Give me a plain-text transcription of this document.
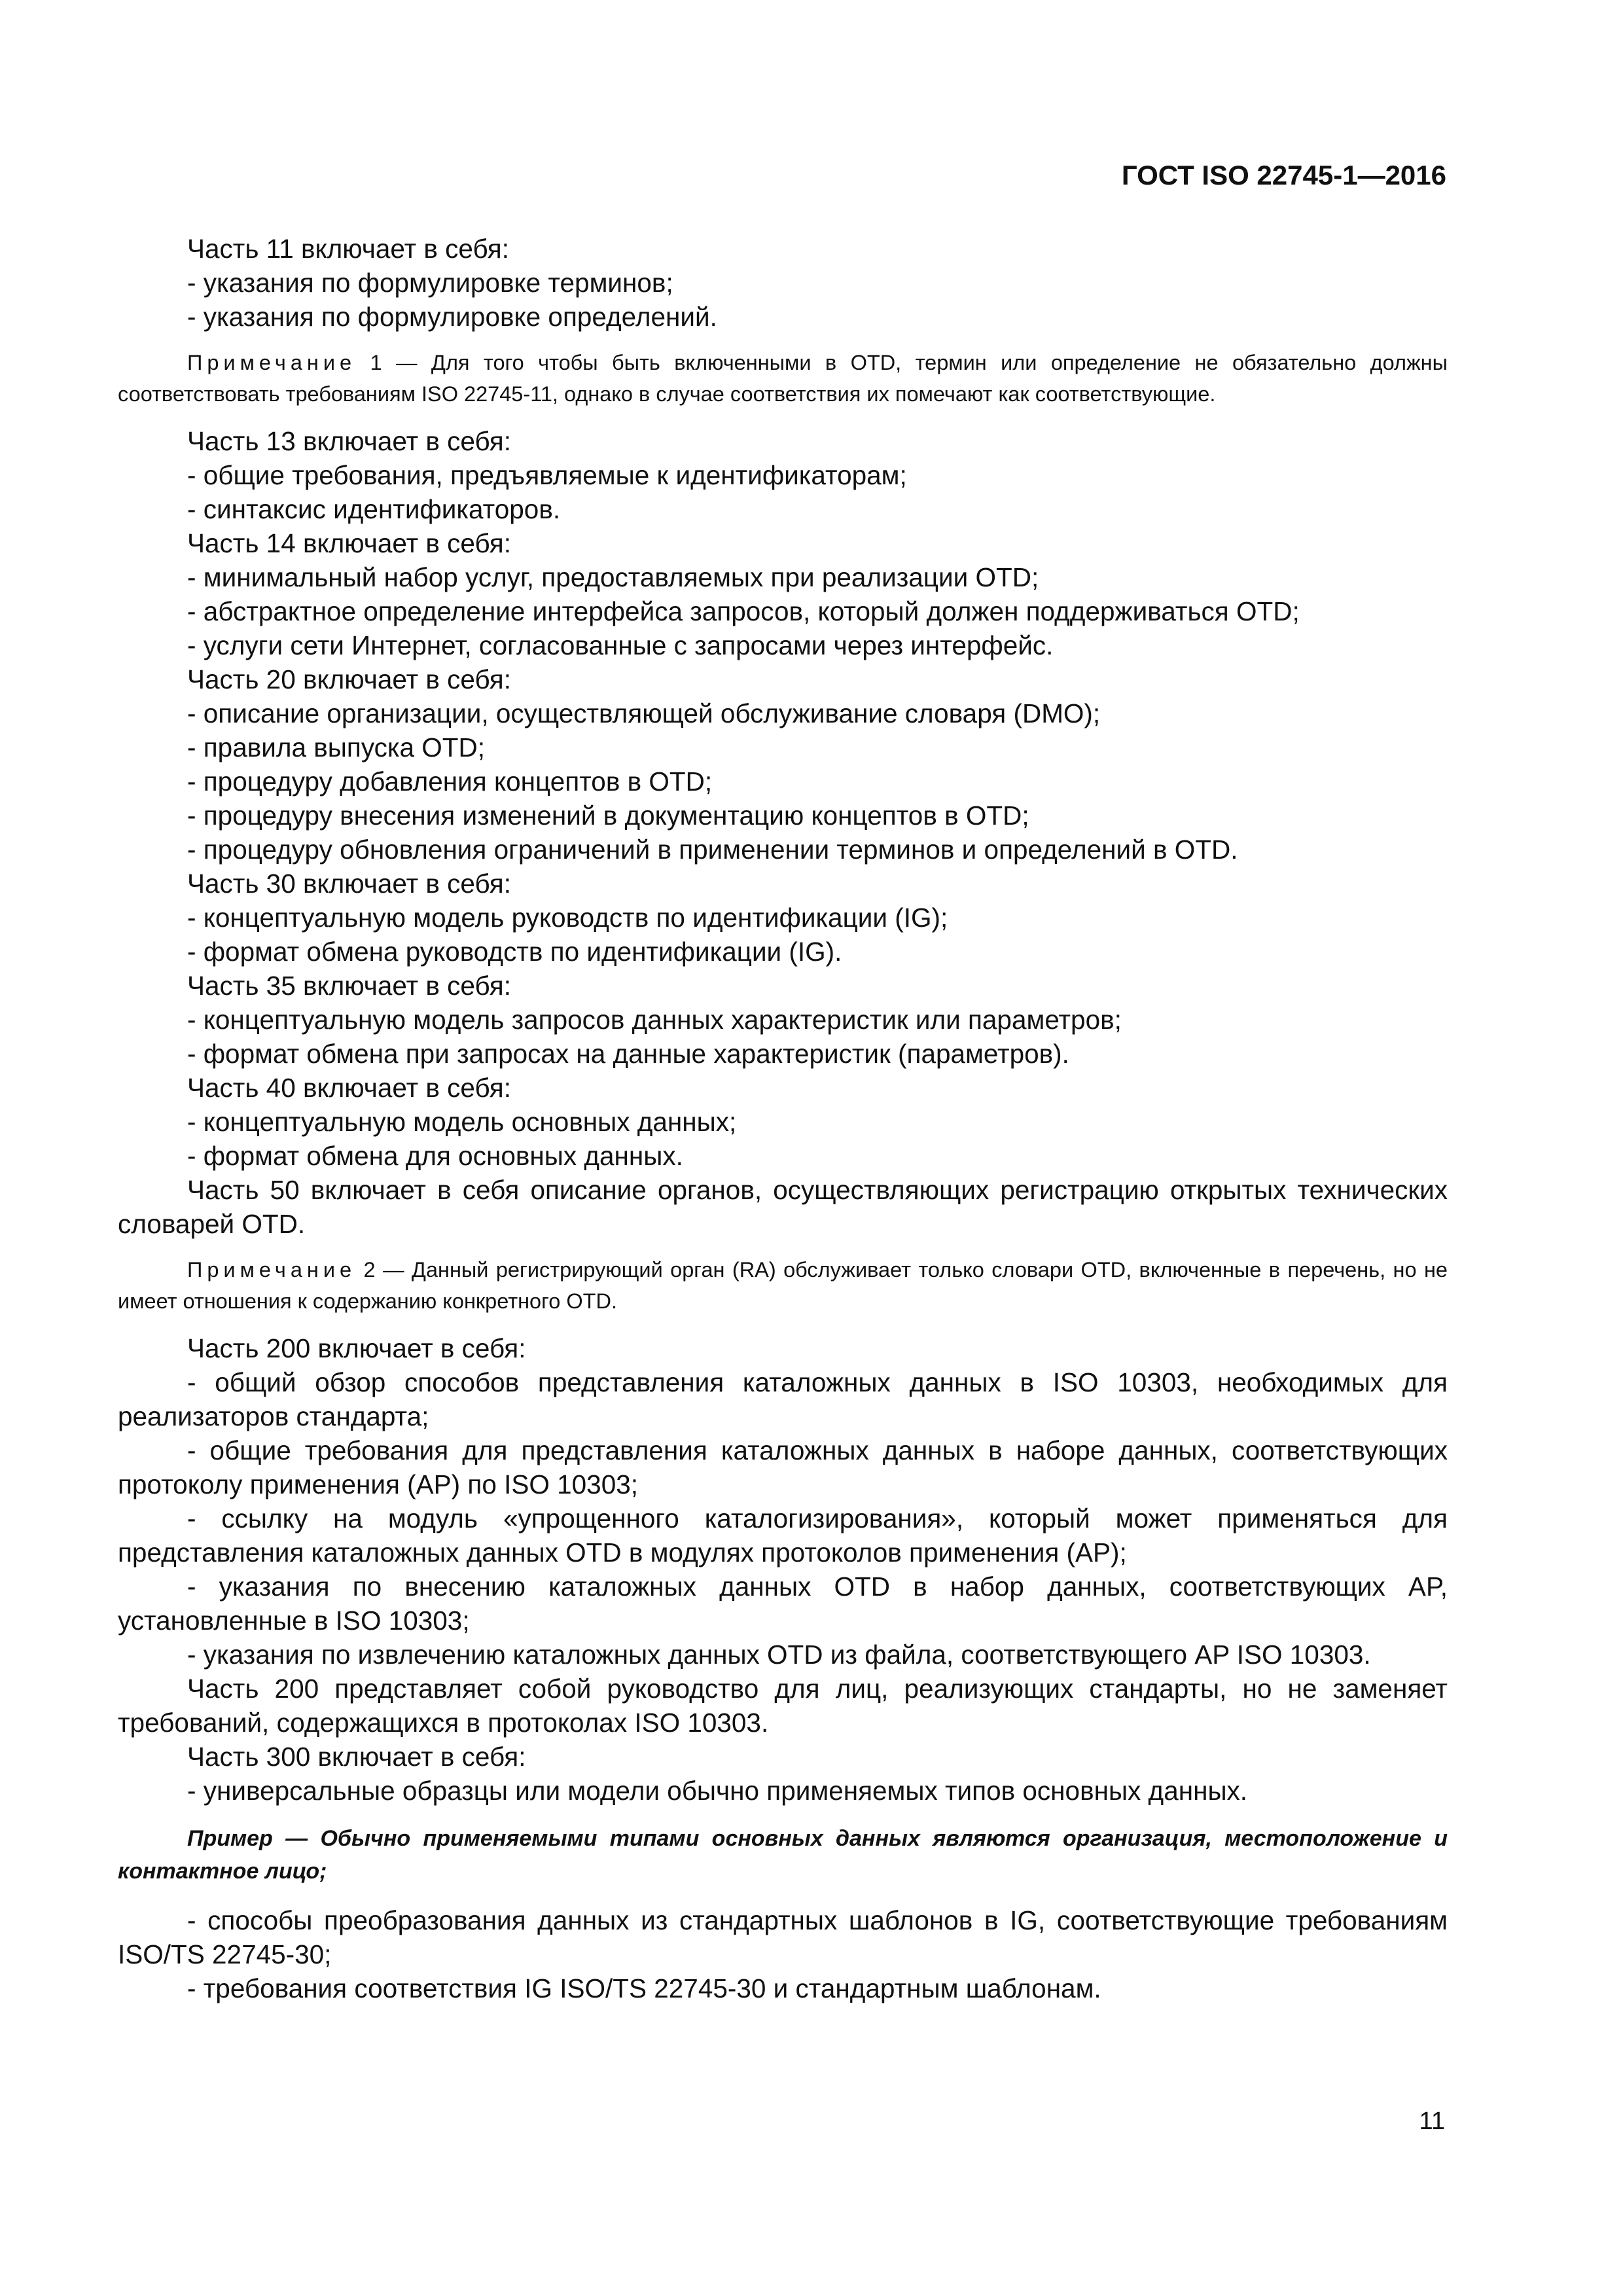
ГОСТ ISO 22745-1—2016

Часть 11 включает в себя:

- указания по формулировке терминов;

- указания по формулировке определений.

Примечание 1 — Для того чтобы быть включенными в OTD, термин или определение не обязательно должны соответствовать требованиям ISO 22745-11, однако в случае соответствия их помечают как соответствующие.

Часть 13 включает в себя:

- общие требования, предъявляемые к идентификаторам;

- синтаксис идентификаторов.

Часть 14 включает в себя:

- минимальный набор услуг, предоставляемых при реализации OTD;

- абстрактное определение интерфейса запросов, который должен поддерживаться OTD;

- услуги сети Интернет, согласованные с запросами через интерфейс.

Часть 20 включает в себя:

- описание организации, осуществляющей обслуживание словаря (DMO);

- правила выпуска OTD;

- процедуру добавления концептов в OTD;

- процедуру внесения изменений в документацию концептов в OTD;

- процедуру обновления ограничений в применении терминов и определений в OTD.

Часть 30 включает в себя:

- концептуальную модель руководств по идентификации (IG);

- формат обмена руководств по идентификации (IG).

Часть 35 включает в себя:

- концептуальную модель запросов данных характеристик или параметров;

- формат обмена при запросах на данные характеристик (параметров).

Часть 40 включает в себя:

- концептуальную модель основных данных;

- формат обмена для основных данных.

Часть 50 включает в себя описание органов, осуществляющих регистрацию открытых технических словарей OTD.

Примечание 2 — Данный регистрирующий орган (RA) обслуживает только словари OTD, включенные в перечень, но не имеет отношения к содержанию конкретного OTD.

Часть 200 включает в себя:

- общий обзор способов представления каталожных данных в ISO 10303, необходимых для реализаторов стандарта;

- общие требования для представления каталожных данных в наборе данных, соответствующих протоколу применения (AP) по ISO 10303;

- ссылку на модуль «упрощенного каталогизирования», который может применяться для представления каталожных данных OTD в модулях протоколов применения (AP);

- указания по внесению каталожных данных OTD в набор данных, соответствующих AP, установленные в ISO 10303;

- указания по извлечению каталожных данных OTD из файла, соответствующего AP ISO 10303.

Часть 200 представляет собой руководство для лиц, реализующих стандарты, но не заменяет требований, содержащихся в протоколах ISO 10303.

Часть 300 включает в себя:

- универсальные образцы или модели обычно применяемых типов основных данных.

Пример — Обычно применяемыми типами основных данных являются организация, местоположение и контактное лицо;

- способы преобразования данных из стандартных шаблонов в IG, соответствующие требованиям ISO/TS 22745-30;

- требования соответствия IG ISO/TS 22745-30 и стандартным шаблонам.

11
